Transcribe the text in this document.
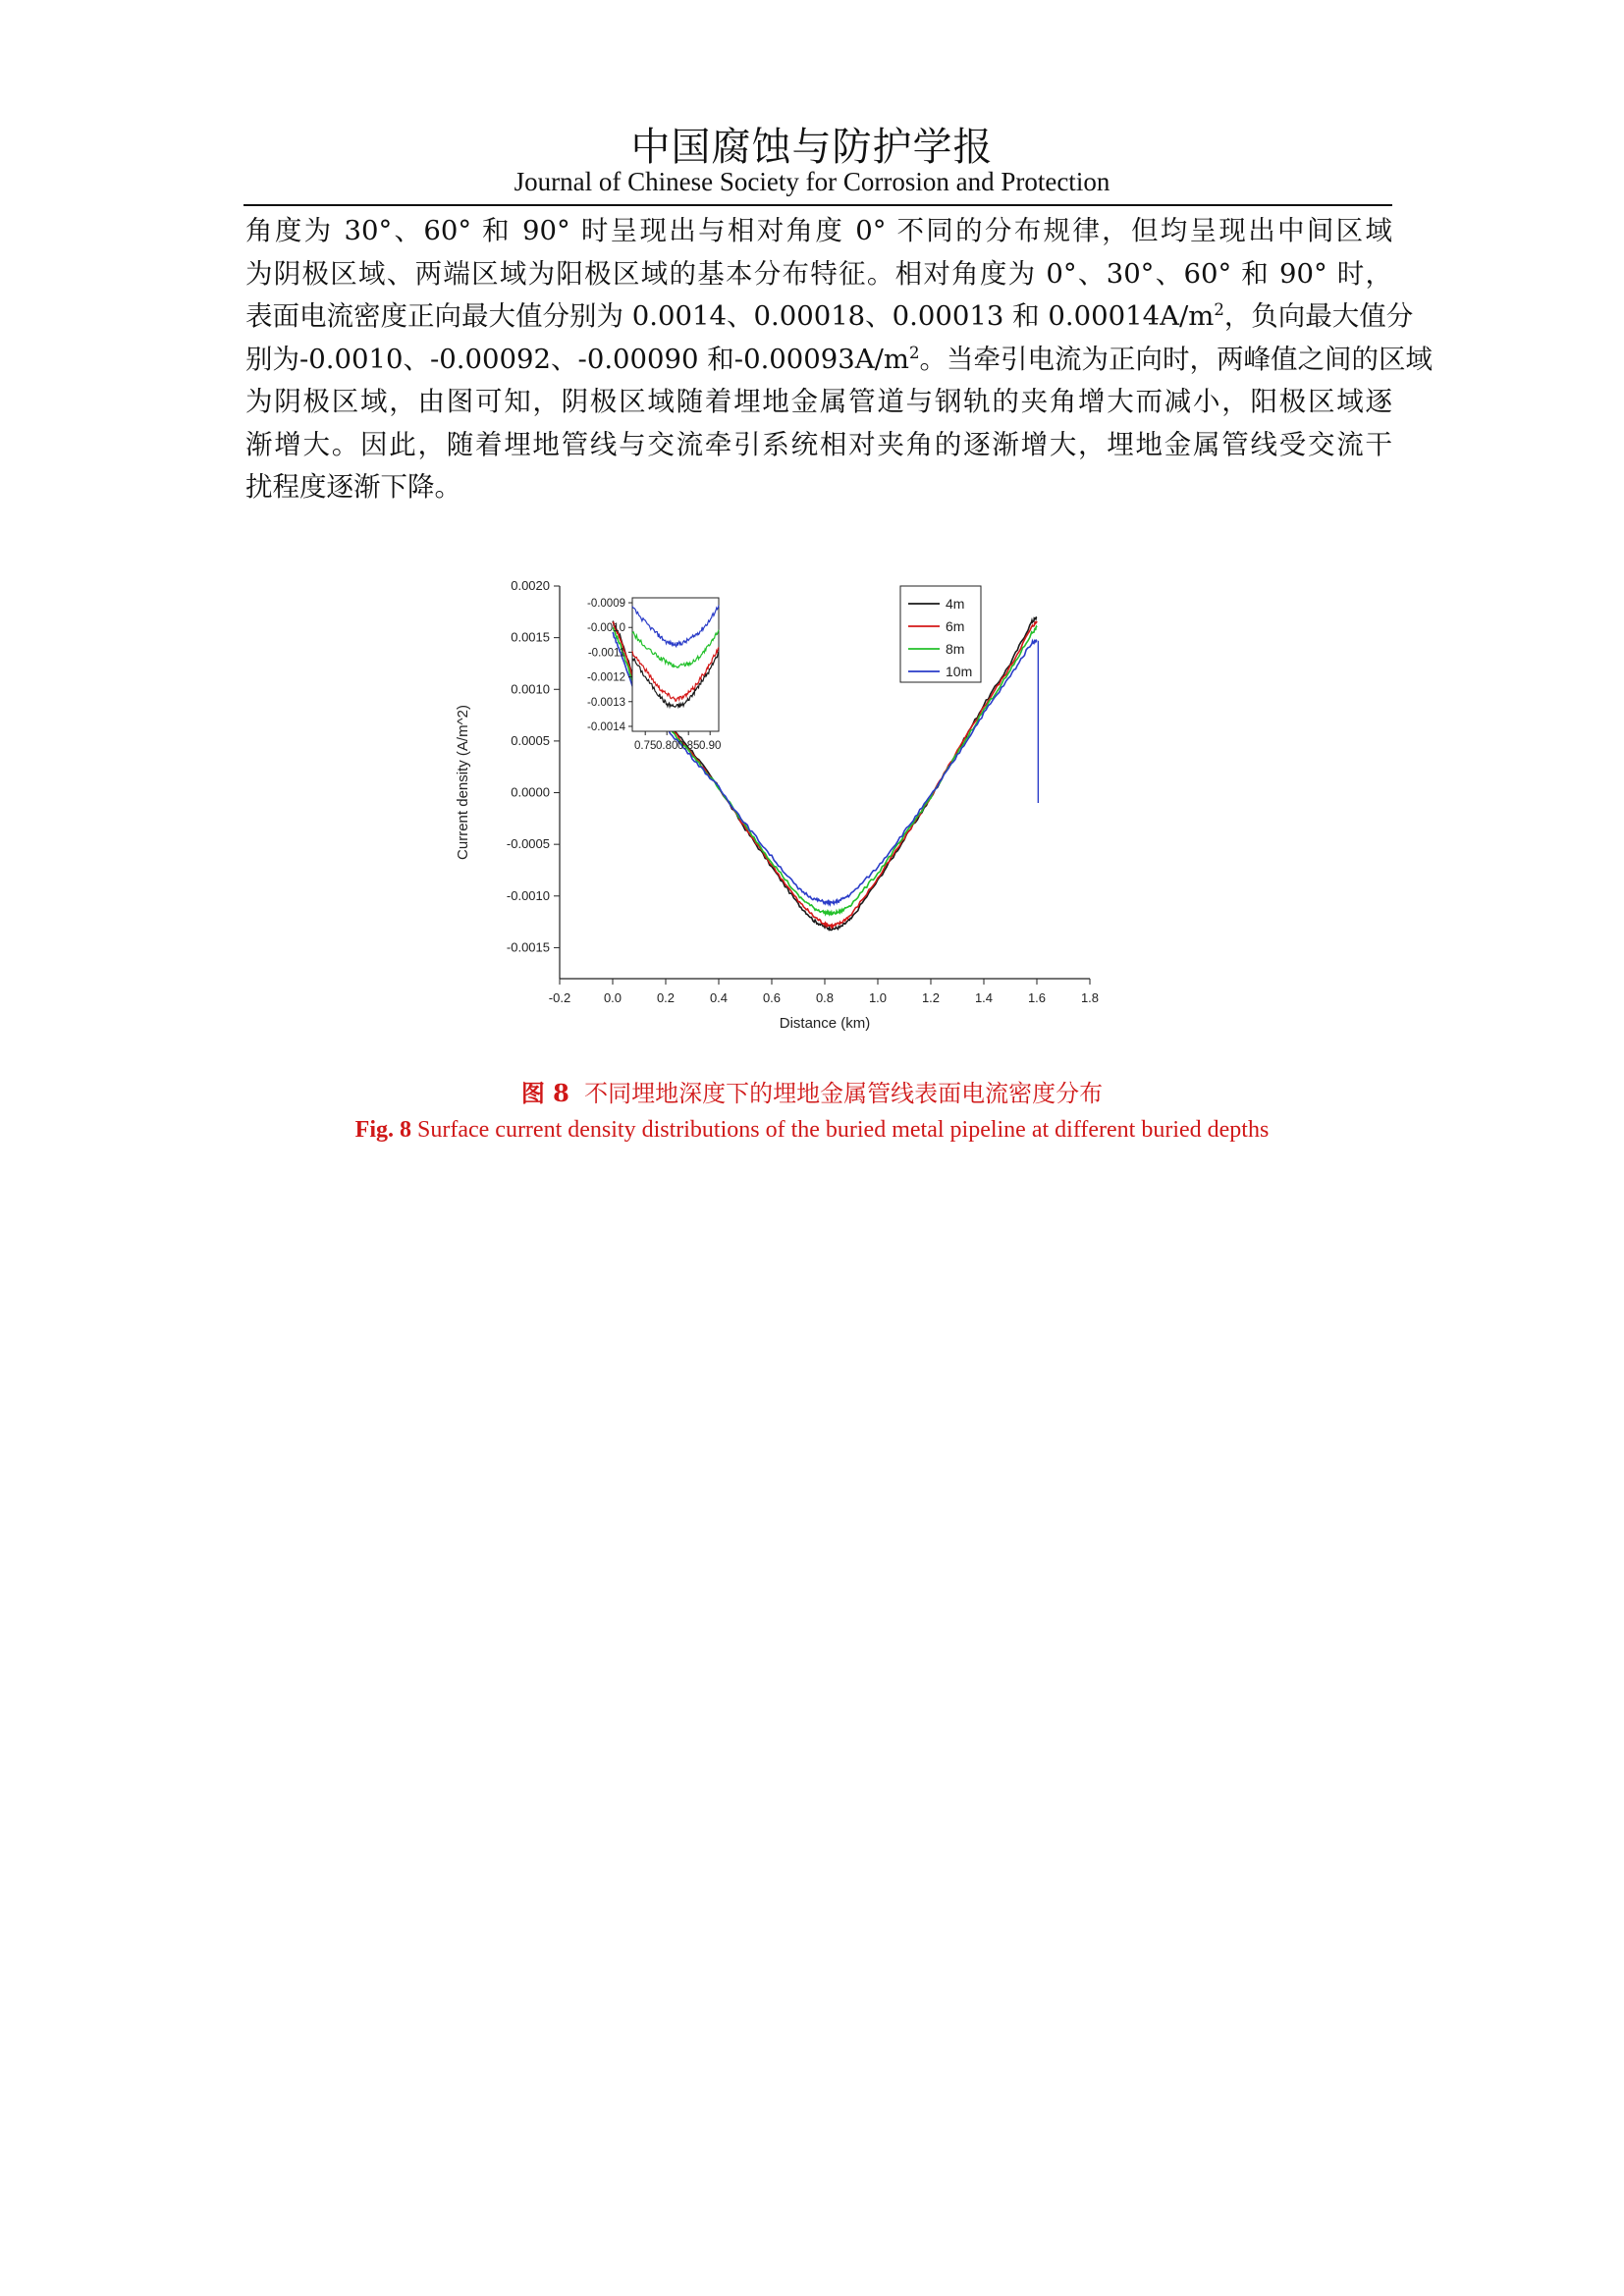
中国腐蚀与防护学报
Journal of Chinese Society for Corrosion and Protection
角度为 30°、60° 和 90° 时呈现出与相对角度 0° 不同的分布规律，但均呈现出中间区域
为阴极区域、两端区域为阳极区域的基本分布特征。相对角度为 0°、30°、60° 和 90° 时，
表面电流密度正向最大值分别为 0.0014、0.00018、0.00013 和 $0.00014A/m^2$，负向最大值分
别为-0.0010、-0.00092、-0.00090 和$-0.00093A/m^2$。当牵引电流为正向时，两峰值之间的区域
为阴极区域，由图可知，阴极区域随着埋地金属管道与钢轨的夹角增大而减小，阳极区域逐
渐增大。因此，随着埋地管线与交流牵引系统相对夹角的逐渐增大，埋地金属管线受交流干
扰程度逐渐下降。
-0.2	0.0	0.2	0.4	0.6	0.8	1.0	1.2	1.4	1.6	1.8
0.0020
0.0015
0.0010
0.0005
0.0000
-0.0005
-0.0010
-0.0015
Distance (km)
Current density (A/m^2)	0.75 0.80 0.85 0.90
-0.0009
-0.0010
-0.0011
-0.0012
-0.0013
-0.0014
4m
6m
8m
10m
图 8 不同埋地深度下的埋地金属管线表面电流密度分布
Fig. 8 Surface current density distributions of the buried metal pipeline at different buried depths
